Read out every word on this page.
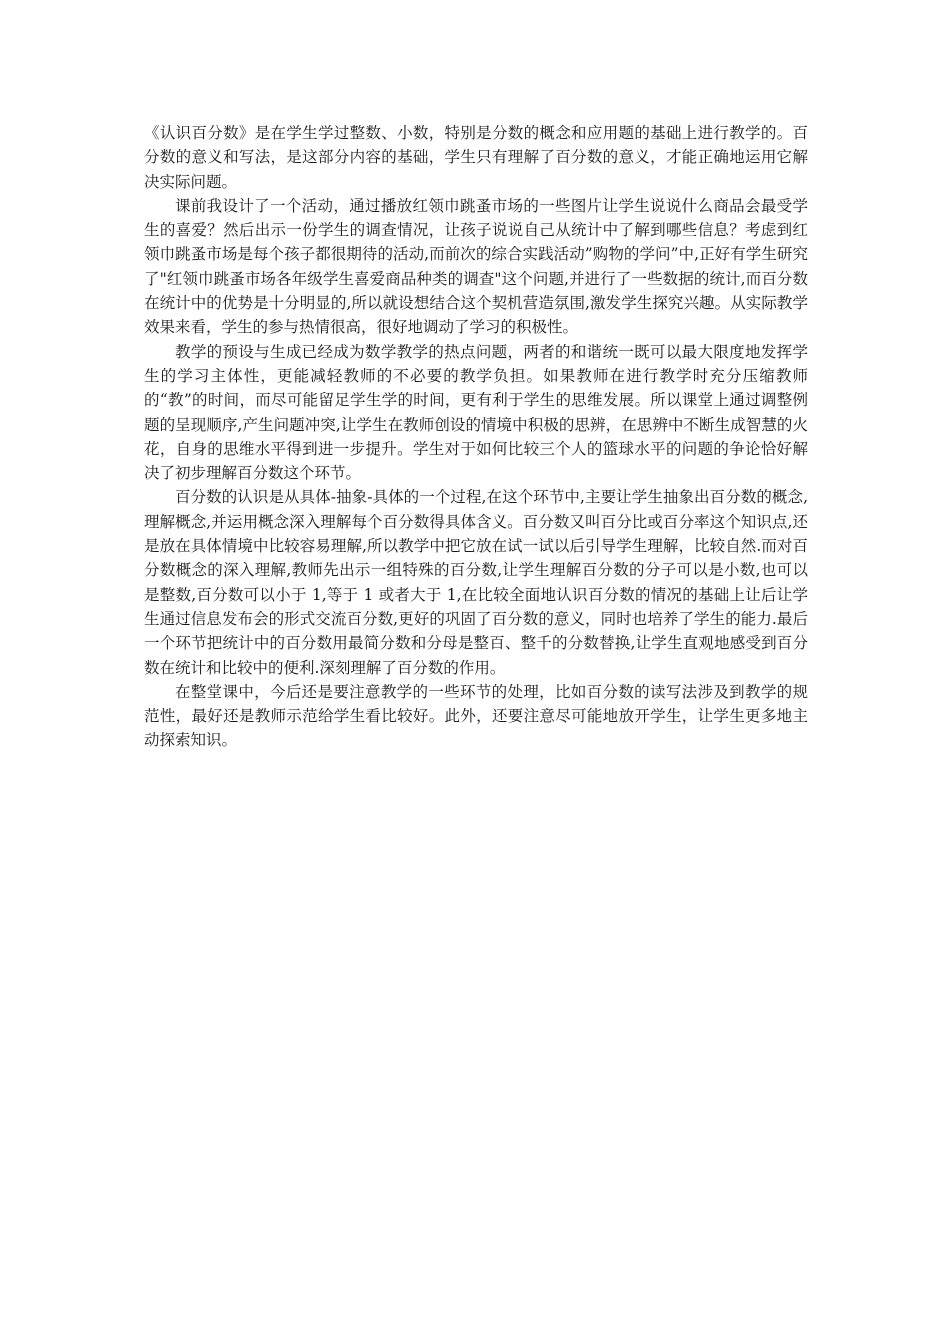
《认识百分数》是在学生学过整数、小数，特别是分数的概念和应用题的基础上进行教学的。百分数的意义和写法，是这部分内容的基础，学生只有理解了百分数的意义，才能正确地运用它解决实际问题。

课前我设计了一个活动，通过播放红领巾跳蚤市场的一些图片让学生说说什么商品会最受学生的喜爱？然后出示一份学生的调查情况，让孩子说说自己从统计中了解到哪些信息？考虑到红领巾跳蚤市场是每个孩子都很期待的活动,而前次的综合实践活动”购物的学问”中,正好有学生研究了"红领巾跳蚤市场各年级学生喜爱商品种类的调查"这个问题,并进行了一些数据的统计,而百分数在统计中的优势是十分明显的,所以就设想结合这个契机营造氛围,激发学生探究兴趣。从实际教学效果来看，学生的参与热情很高，很好地调动了学习的积极性。

教学的预设与生成已经成为数学教学的热点问题，两者的和谐统一既可以最大限度地发挥学生的学习主体性，更能减轻教师的不必要的教学负担。如果教师在进行教学时充分压缩教师的“教”的时间，而尽可能留足学生学的时间，更有利于学生的思维发展。所以课堂上通过调整例题的呈现顺序,产生问题冲突,让学生在教师创设的情境中积极的思辨，在思辨中不断生成智慧的火花，自身的思维水平得到进一步提升。学生对于如何比较三个人的篮球水平的问题的争论恰好解决了初步理解百分数这个环节。

百分数的认识是从具体-抽象-具体的一个过程,在这个环节中,主要让学生抽象出百分数的概念,理解概念,并运用概念深入理解每个百分数得具体含义。百分数又叫百分比或百分率这个知识点,还是放在具体情境中比较容易理解,所以教学中把它放在试一试以后引导学生理解，比较自然.而对百分数概念的深入理解,教师先出示一组特殊的百分数,让学生理解百分数的分子可以是小数,也可以是整数,百分数可以小于 1,等于 1 或者大于 1,在比较全面地认识百分数的情况的基础上让后让学生通过信息发布会的形式交流百分数,更好的巩固了百分数的意义，同时也培养了学生的能力.最后一个环节把统计中的百分数用最简分数和分母是整百、整千的分数替换,让学生直观地感受到百分数在统计和比较中的便利.深刻理解了百分数的作用。

在整堂课中，今后还是要注意教学的一些环节的处理，比如百分数的读写法涉及到教学的规范性，最好还是教师示范给学生看比较好。此外，还要注意尽可能地放开学生，让学生更多地主动探索知识。
